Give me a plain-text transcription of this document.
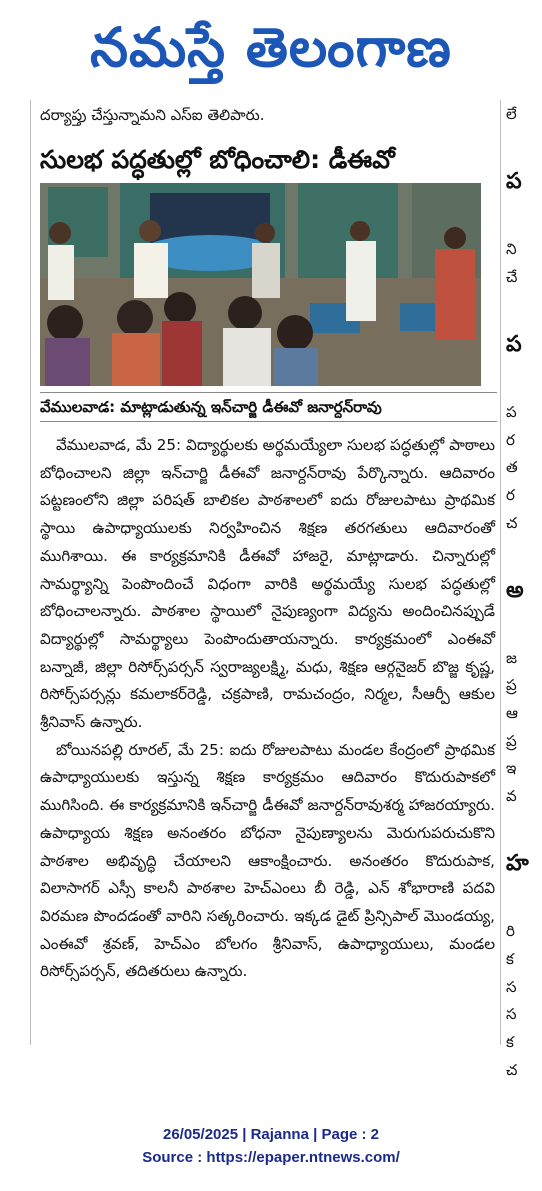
నమస్తే తెలంగాణ
దర్యాప్తు చేస్తున్నామని ఎస్ఐ తెలిపారు.
సులభ పద్ధతుల్లో బోధించాలి: డీఈవో
వేములవాడ: మాట్లాడుతున్న ఇన్‌చార్జి డీఈవో జనార్దన్‌రావు

వేములవాడ, మే 25: విద్యార్థులకు అర్థమయ్యేలా సులభ పద్ధతుల్లో పాఠాలు బోధించాలని జిల్లా ఇన్‌చార్జి డీఈవో జనార్దన్‌రావు పేర్కొన్నారు. ఆదివారం పట్టణంలోని జిల్లా పరిషత్ బాలికల పాఠశాలలో ఐదు రోజులపాటు ప్రాథమిక స్థాయి ఉపాధ్యాయులకు నిర్వహించిన శిక్షణ తరగతులు ఆదివారంతో ముగిశాయి. ఈ కార్యక్రమానికి డీఈవో హాజరై, మాట్లాడారు. చిన్నారుల్లో సామర్థ్యాన్ని పెంపొందించే విధంగా వారికి అర్థమయ్యే సులభ పద్ధతుల్లో బోధించాలన్నారు. పాఠశాల స్థాయిలో నైపుణ్యంగా విద్యను అందించినప్పుడే విద్యార్థుల్లో సామర్థ్యాలు పెంపొందుతాయన్నారు. కార్యక్రమంలో ఎంఈవో బన్నాజీ, జిల్లా రిసోర్స్‌పర్సన్ స్వరాజ్యలక్ష్మి, మధు, శిక్షణ ఆర్గనైజర్ బొజ్జ కృష్ణ, రిసోర్స్‌పర్సన్లు కమలాకర్‌రెడ్డి, చక్రపాణి, రామచంద్రం, నిర్మల, సీఆర్పీ ఆకుల శ్రీనివాస్ ఉన్నారు.

బోయినపల్లి రూరల్, మే 25: ఐదు రోజులపాటు మండల కేంద్రంలో ప్రాథమిక ఉపాధ్యాయులకు ఇస్తున్న శిక్షణ కార్యక్రమం ఆదివారం కొదురుపాకలో ముగిసింది. ఈ కార్యక్రమానికి ఇన్‌చార్జి డీఈవో జనార్దన్‌రావుశర్మ హాజరయ్యారు. ఉపాధ్యాయ శిక్షణ అనంతరం బోధనా నైపుణ్యాలను మెరుగుపరుచుకొని పాఠశాల అభివృద్ధి చేయాలని ఆకాంక్షించారు. అనంతరం కొదురుపాక, విలాసాగర్ ఎస్సీ కాలనీ పాఠశాల హెచ్‌ఎంలు బీ రెడ్డి, ఎన్ శోభారాణి పదవి విరమణ పొందడంతో వారిని సత్కరించారు. ఇక్కడ డైట్ ప్రిన్సిపాల్ మొండయ్య, ఎంఈవో శ్రవణ్, హెచ్‌ఎం బోలగం శ్రీనివాస్, ఉపాధ్యాయులు, మండల రిసోర్స్‌పర్సన్, తదితరులు ఉన్నారు.

లే
ప
ని
చే
ప
ప
ర
త
ర
చ
అ
జ
ప్ర
ఆ
ప్ర
ఇ
వ
హ
రి
క
స
స
క
చ
26/05/2025 | Rajanna | Page : 2
Source : https://epaper.ntnews.com/
